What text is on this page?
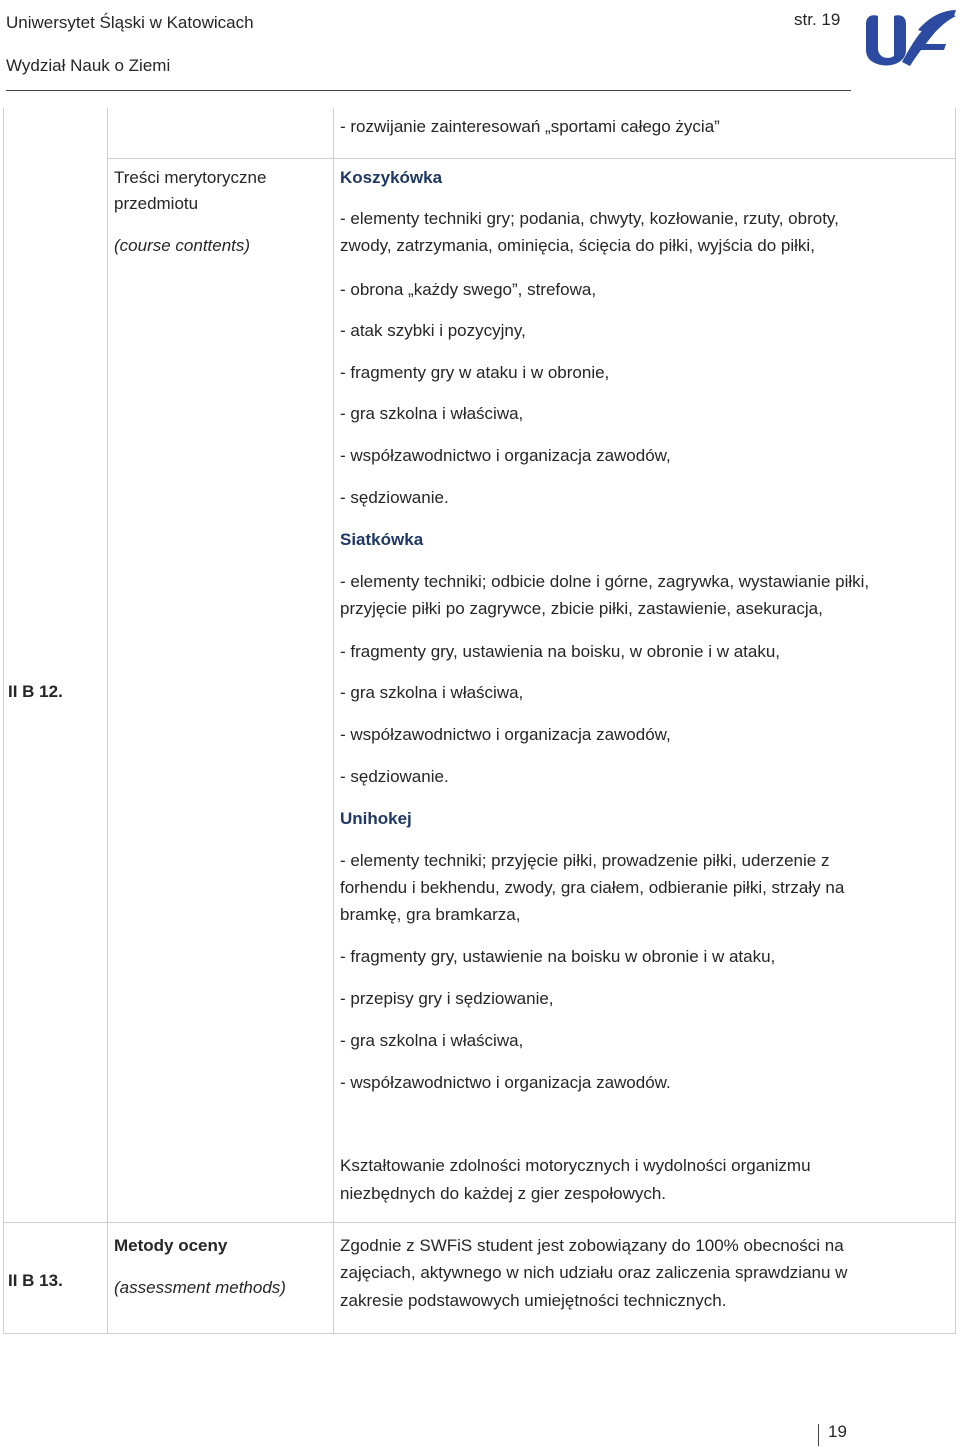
Uniwersytet Śląski w Katowicach
Wydział Nauk o Ziemi
str. 19
- rozwijanie zainteresowań „sportami całego życia”
II B 12.
Treści merytoryczne
przedmiotu
(course conttents)
Koszykówka
- elementy techniki gry; podania, chwyty, kozłowanie, rzuty, obroty,
zwody, zatrzymania, ominięcia, ścięcia do piłki, wyjścia do piłki,
- obrona „każdy swego”, strefowa,
- atak szybki i pozycyjny,
- fragmenty gry w ataku i w obronie,
- gra szkolna i właściwa,
- współzawodnictwo i organizacja zawodów,
- sędziowanie.
Siatkówka
- elementy techniki; odbicie dolne i górne, zagrywka, wystawianie piłki,
przyjęcie piłki po zagrywce, zbicie piłki, zastawienie, asekuracja,
- fragmenty gry, ustawienia na boisku, w obronie i w ataku,
- gra szkolna i właściwa,
- współzawodnictwo i organizacja zawodów,
- sędziowanie.
Unihokej
- elementy techniki; przyjęcie piłki, prowadzenie piłki, uderzenie z
forhendu i bekhendu, zwody, gra ciałem, odbieranie piłki, strzały na
bramkę, gra bramkarza,
- fragmenty gry, ustawienie na boisku w obronie i w ataku,
- przepisy gry i sędziowanie,
- gra szkolna i właściwa,
- współzawodnictwo i organizacja zawodów.
Kształtowanie zdolności motorycznych i wydolności organizmu
niezbędnych do każdej z gier zespołowych.
II B 13.
Metody oceny
(assessment methods)
Zgodnie z SWFiS student jest zobowiązany do 100% obecności na
zajęciach, aktywnego w nich udziału oraz zaliczenia sprawdzianu w
zakresie podstawowych umiejętności technicznych.
19
